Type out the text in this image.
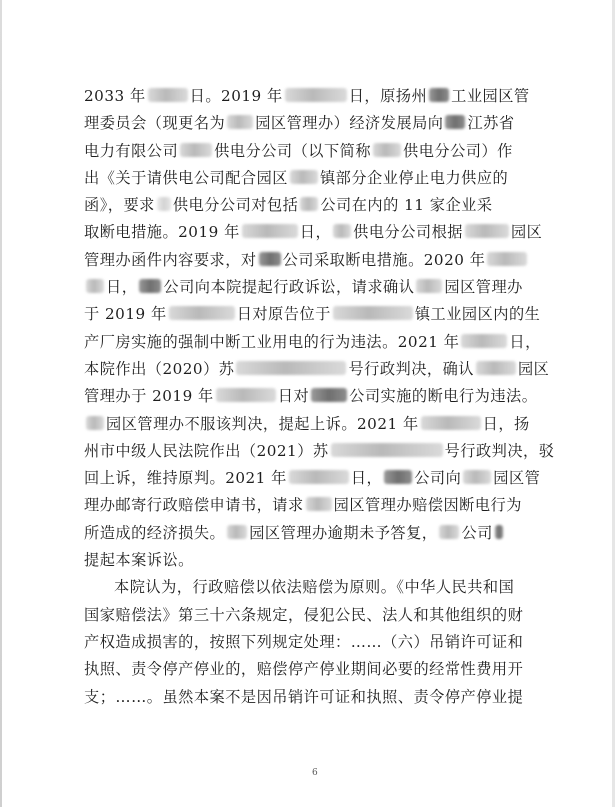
2033 年	日。2019 年	日，原扬州 工业园区管
理委员会（现更名为 园区管理办）经济发展局向 江苏省
电力有限公司 供电分公司（以下简称 供电分公司）作
出《关于请供电公司配合园区 镇部分企业停止电力供应的
函》，要求 供电分公司对包括 公司在内的 11 家企业采
取断电措施。2019 年	日， 供电分公司根据	园区
管理办函件内容要求，对 公司采取断电措施。2020 年
日， 公司向本院提起行政诉讼，请求确认 园区管理办
于 2019 年	日对原告位于	镇工业园区内的生
产厂房实施的强制中断工业用电的行为违法。2021 年	日，
本院作出（2020）苏	号行政判决，确认	园区
管理办于 2019 年	日对	公司实施的断电行为违法。
园区管理办不服该判决，提起上诉。2021 年	日，扬
州市中级人民法院作出（2021）苏	号行政判决，驳
回上诉，维持原判。2021 年	日， 公司向 园区管
理办邮寄行政赔偿申请书，请求 园区管理办赔偿因断电行为
所造成的经济损失。 园区管理办逾期未予答复， 公司
提起本案诉讼。
本院认为，行政赔偿以依法赔偿为原则。《中华人民共和国
国家赔偿法》第三十六条规定，侵犯公民、法人和其他组织的财
产权造成损害的，按照下列规定处理：……（六）吊销许可证和
执照、责令停产停业的，赔偿停产停业期间必要的经常性费用开
支；……。虽然本案不是因吊销许可证和执照、责令停产停业提
6
